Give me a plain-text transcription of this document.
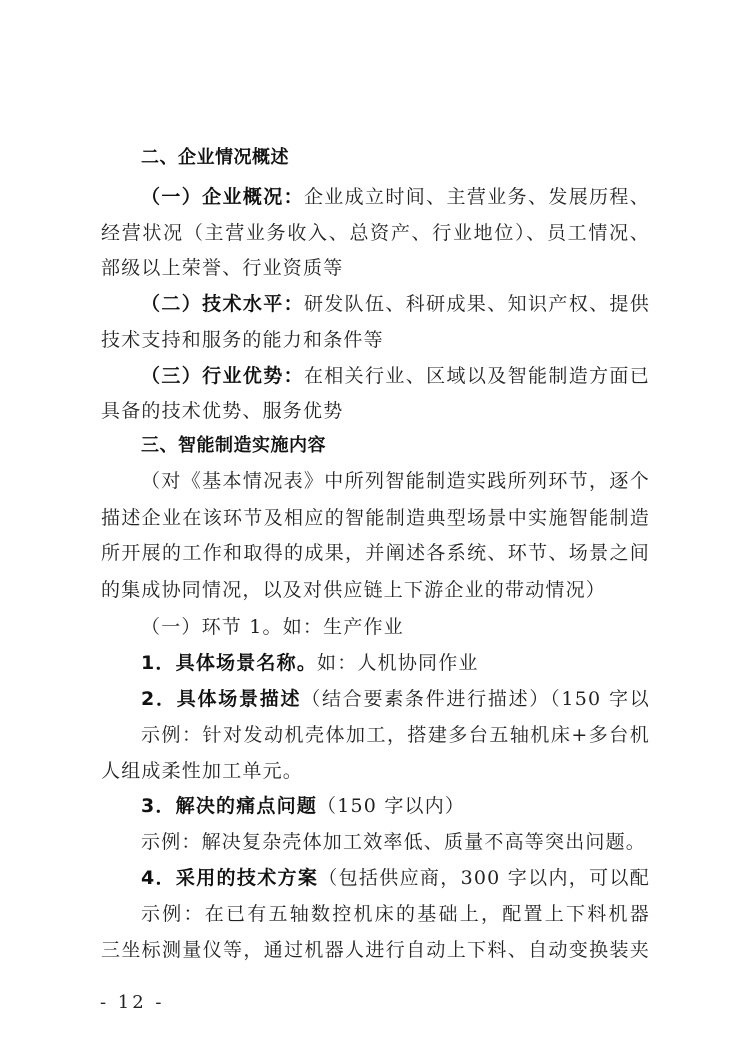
二、企业情况概述
（一）企业概况：企业成立时间、主营业务、发展历程、
经营状况（主营业务收入、总资产、行业地位）、员工情况、
部级以上荣誉、行业资质等
（二）技术水平：研发队伍、科研成果、知识产权、提供
技术支持和服务的能力和条件等
（三）行业优势：在相关行业、区域以及智能制造方面已
具备的技术优势、服务优势
三、智能制造实施内容
（对《基本情况表》中所列智能制造实践所列环节，逐个
描述企业在该环节及相应的智能制造典型场景中实施智能制造
所开展的工作和取得的成果，并阐述各系统、环节、场景之间
的集成协同情况，以及对供应链上下游企业的带动情况）
（一）环节 1。如：生产作业
1．具体场景名称。如：人机协同作业
2．具体场景描述（结合要素条件进行描述）（150 字以
示例：针对发动机壳体加工，搭建多台五轴机床+多台机
人组成柔性加工单元。
3．解决的痛点问题（150 字以内）
示例：解决复杂壳体加工效率低、质量不高等突出问题。
4．采用的技术方案（包括供应商，300 字以内，可以配
示例：在已有五轴数控机床的基础上，配置上下料机器
三坐标测量仪等，通过机器人进行自动上下料、自动变换装夹
- 12 -
